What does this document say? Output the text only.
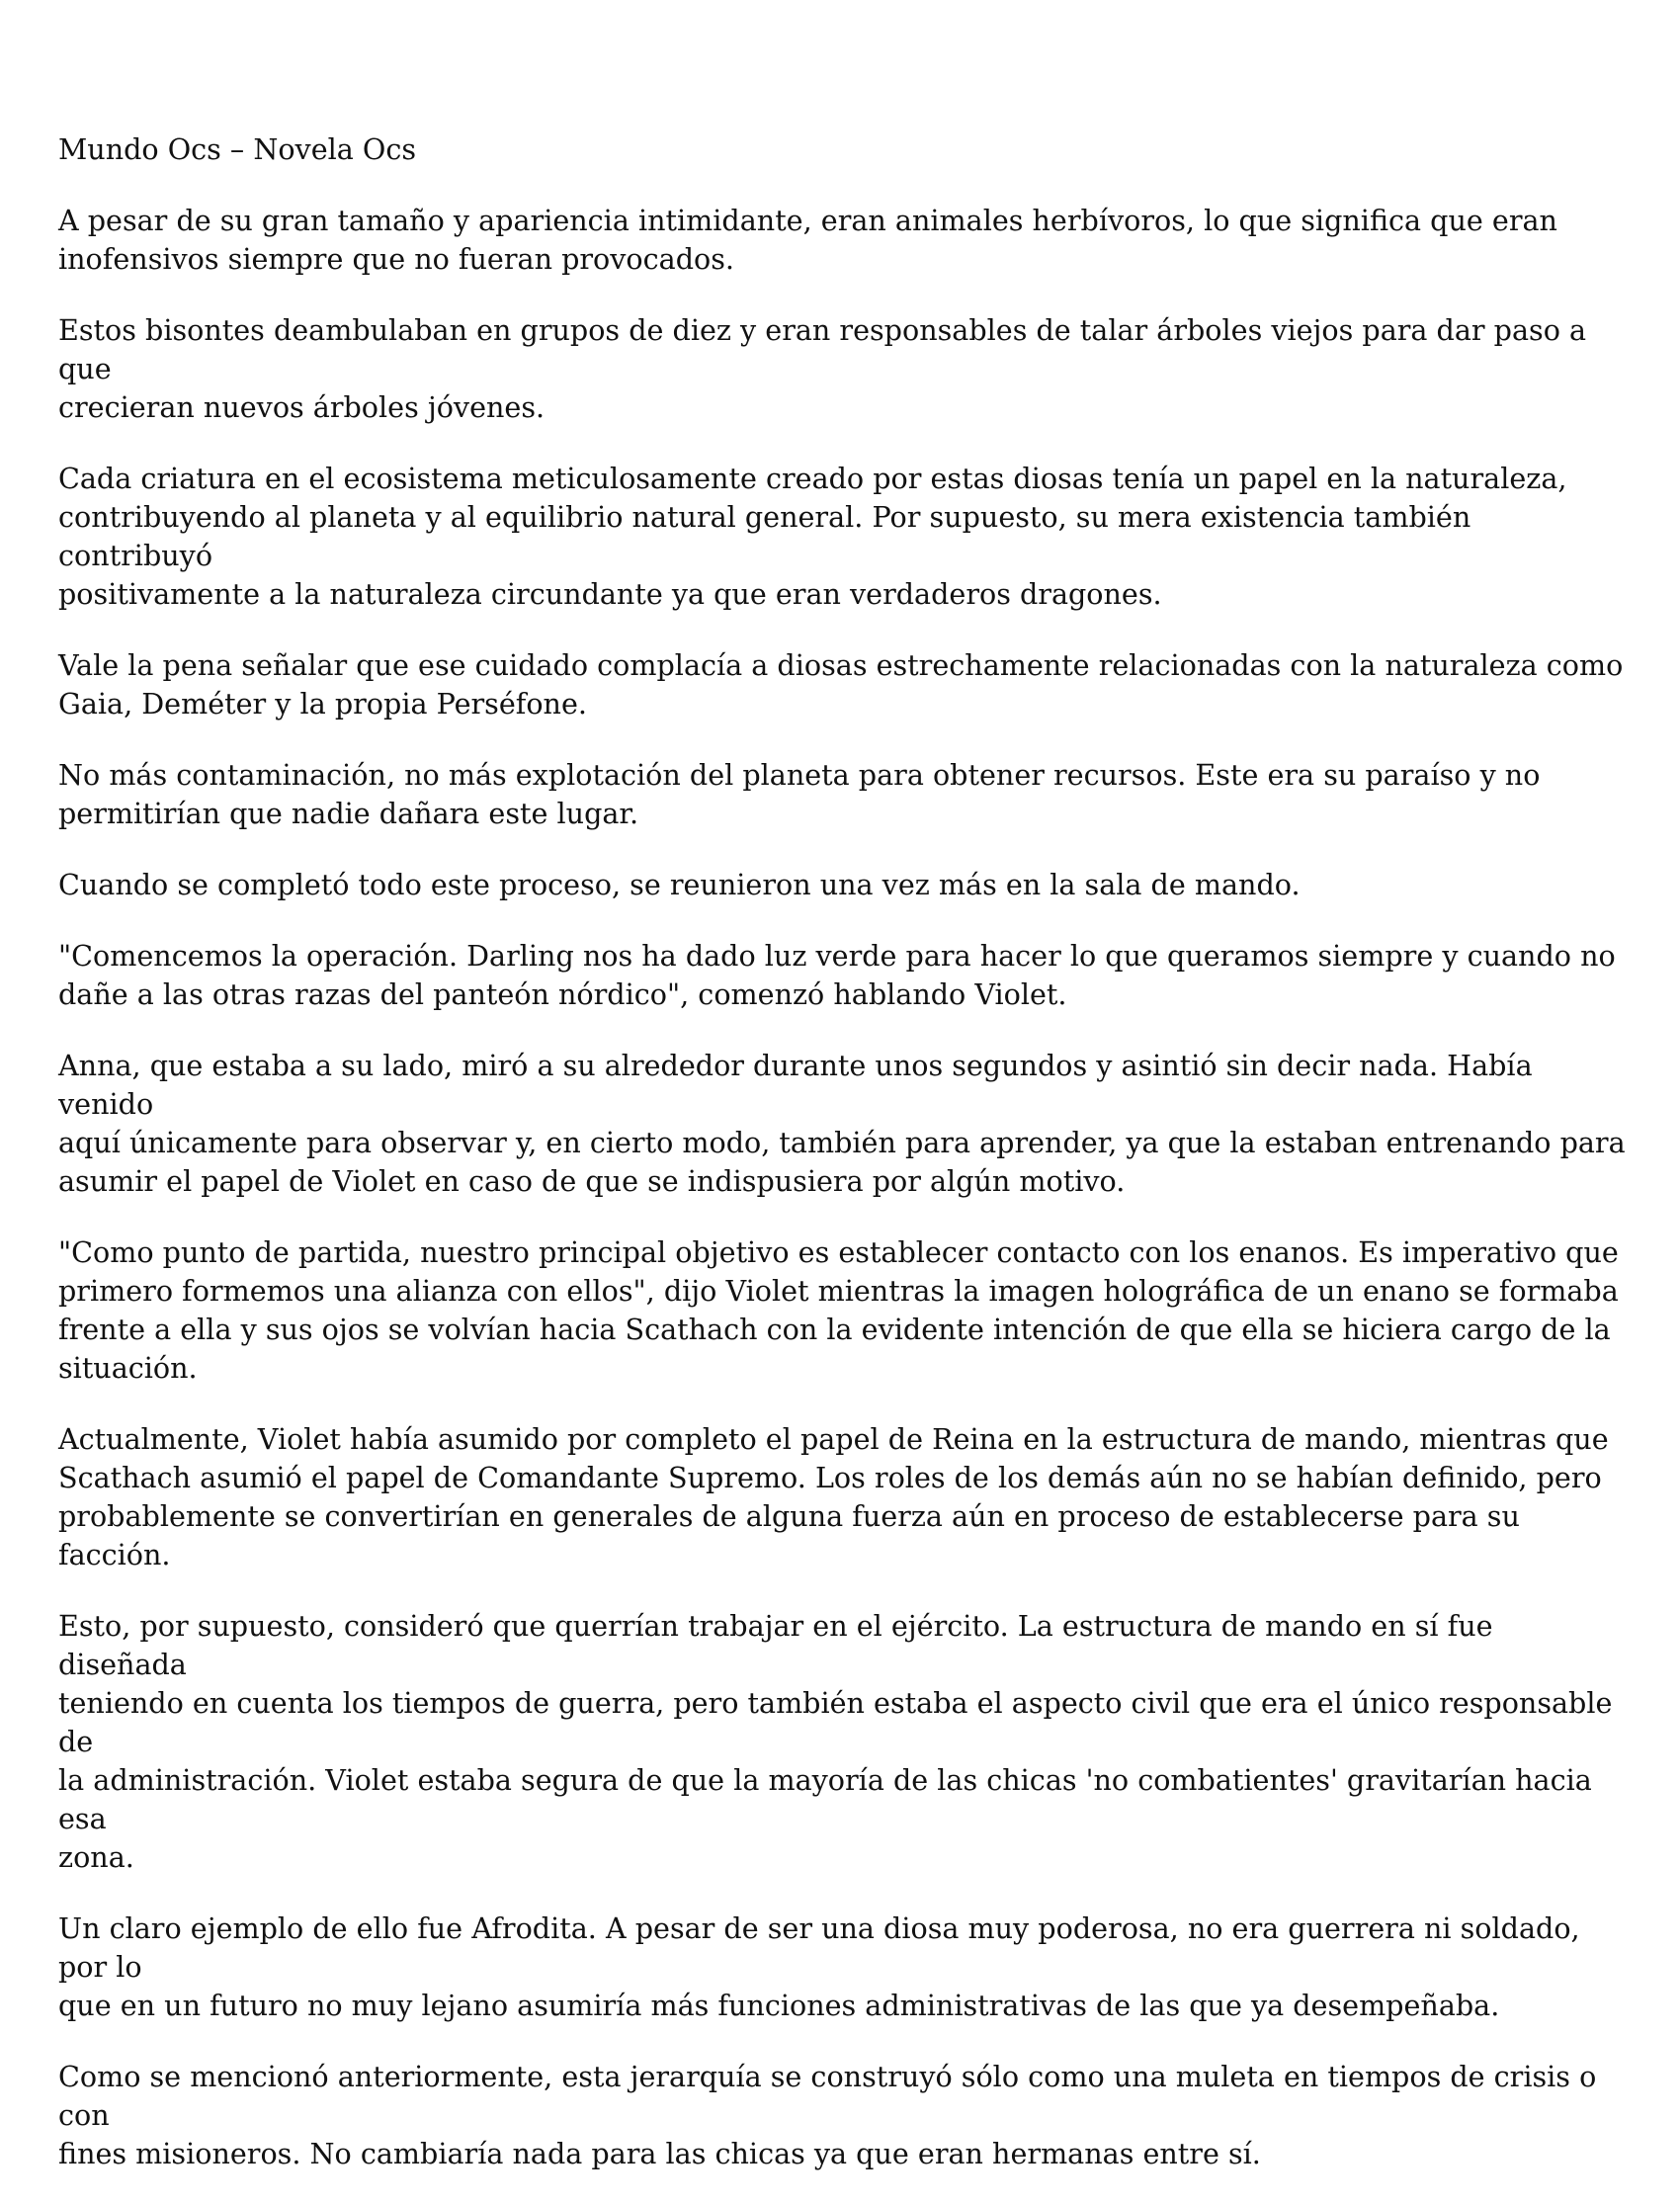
Mundo Ocs – Novela Ocs

A pesar de su gran tamaño y apariencia intimidante, eran animales herbívoros, lo que significa que eran
inofensivos siempre que no fueran provocados.

Estos bisontes deambulaban en grupos de diez y eran responsables de talar árboles viejos para dar paso a que
crecieran nuevos árboles jóvenes.

Cada criatura en el ecosistema meticulosamente creado por estas diosas tenía un papel en la naturaleza,
contribuyendo al planeta y al equilibrio natural general. Por supuesto, su mera existencia también contribuyó
positivamente a la naturaleza circundante ya que eran verdaderos dragones.

Vale la pena señalar que ese cuidado complacía a diosas estrechamente relacionadas con la naturaleza como
Gaia, Deméter y la propia Perséfone.

No más contaminación, no más explotación del planeta para obtener recursos. Este era su paraíso y no
permitirían que nadie dañara este lugar.

Cuando se completó todo este proceso, se reunieron una vez más en la sala de mando.

"Comencemos la operación. Darling nos ha dado luz verde para hacer lo que queramos siempre y cuando no
dañe a las otras razas del panteón nórdico", comenzó hablando Violet.

Anna, que estaba a su lado, miró a su alrededor durante unos segundos y asintió sin decir nada. Había venido
aquí únicamente para observar y, en cierto modo, también para aprender, ya que la estaban entrenando para
asumir el papel de Violet en caso de que se indispusiera por algún motivo.

"Como punto de partida, nuestro principal objetivo es establecer contacto con los enanos. Es imperativo que
primero formemos una alianza con ellos", dijo Violet mientras la imagen holográfica de un enano se formaba
frente a ella y sus ojos se volvían hacia Scathach con la evidente intención de que ella se hiciera cargo de la
situación.

Actualmente, Violet había asumido por completo el papel de Reina en la estructura de mando, mientras que
Scathach asumió el papel de Comandante Supremo. Los roles de los demás aún no se habían definido, pero
probablemente se convertirían en generales de alguna fuerza aún en proceso de establecerse para su facción.

Esto, por supuesto, consideró que querrían trabajar en el ejército. La estructura de mando en sí fue diseñada
teniendo en cuenta los tiempos de guerra, pero también estaba el aspecto civil que era el único responsable de
la administración. Violet estaba segura de que la mayoría de las chicas 'no combatientes' gravitarían hacia esa
zona.

Un claro ejemplo de ello fue Afrodita. A pesar de ser una diosa muy poderosa, no era guerrera ni soldado, por lo
que en un futuro no muy lejano asumiría más funciones administrativas de las que ya desempeñaba.

Como se mencionó anteriormente, esta jerarquía se construyó sólo como una muleta en tiempos de crisis o con
fines misioneros. No cambiaría nada para las chicas ya que eran hermanas entre sí.
